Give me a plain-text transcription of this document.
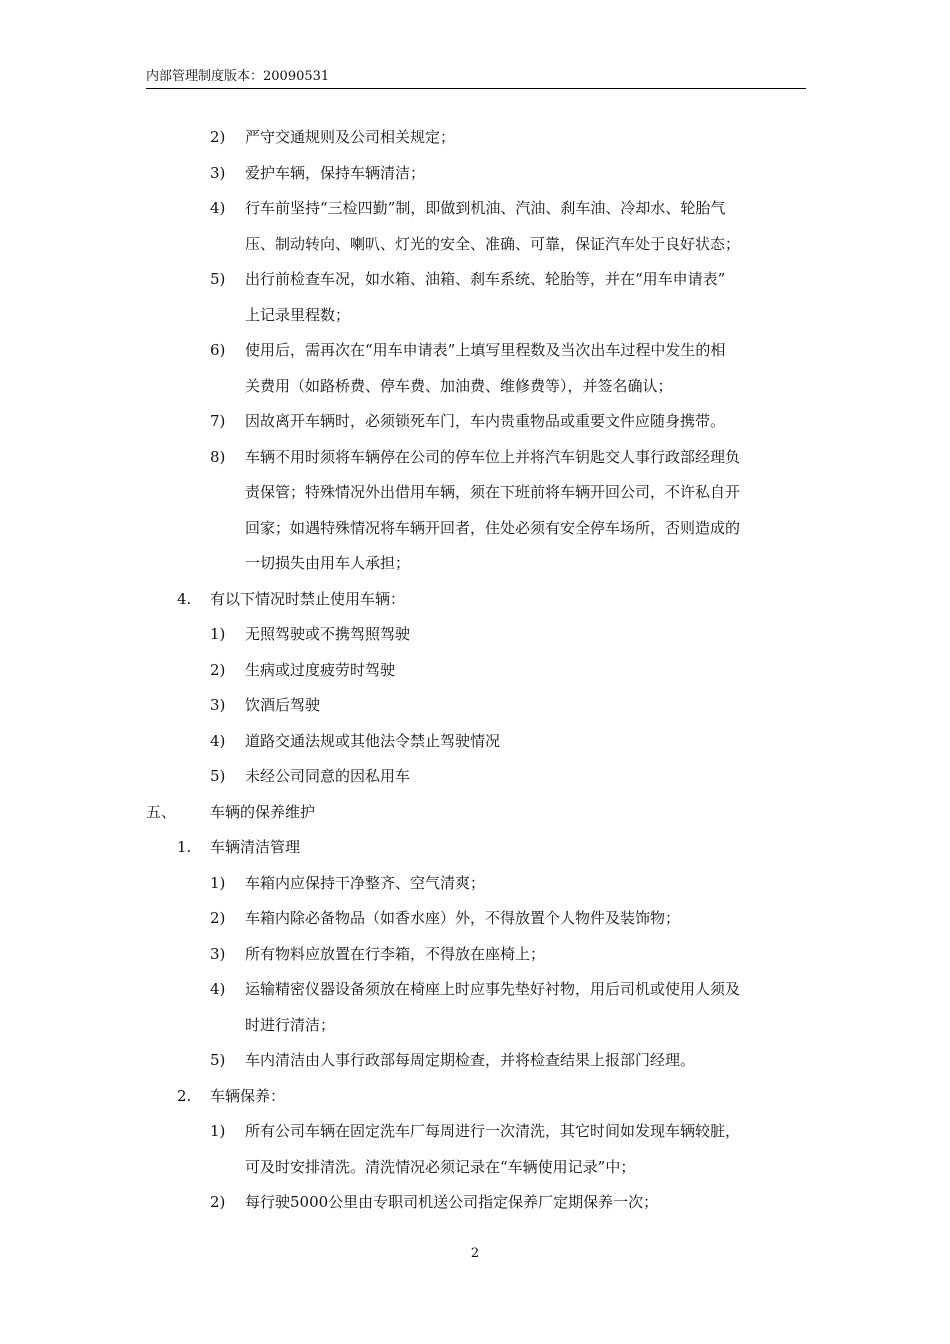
内部管理制度版本：20090531
2) 严守交通规则及公司相关规定；
3) 爱护车辆，保持车辆清洁；
4) 行车前坚持“三检四勤”制，即做到机油、汽油、刹车油、冷却水、轮胎气
压、制动转向、喇叭、灯光的安全、准确、可靠，保证汽车处于良好状态；
5) 出行前检查车况，如水箱、油箱、刹车系统、轮胎等，并在“用车申请表”
上记录里程数；
6) 使用后，需再次在“用车申请表”上填写里程数及当次出车过程中发生的相
关费用（如路桥费、停车费、加油费、维修费等），并签名确认；
7) 因故离开车辆时，必须锁死车门，车内贵重物品或重要文件应随身携带。
8) 车辆不用时须将车辆停在公司的停车位上并将汽车钥匙交人事行政部经理负
责保管；特殊情况外出借用车辆，须在下班前将车辆开回公司，不许私自开
回家；如遇特殊情况将车辆开回者，住处必须有安全停车场所，否则造成的
一切损失由用车人承担；
4. 有以下情况时禁止使用车辆：
1) 无照驾驶或不携驾照驾驶
2) 生病或过度疲劳时驾驶
3) 饮酒后驾驶
4) 道路交通法规或其他法令禁止驾驶情况
5) 未经公司同意的因私用车
五、 车辆的保养维护
1. 车辆清洁管理
1) 车箱内应保持干净整齐、空气清爽；
2) 车箱内除必备物品（如香水座）外，不得放置个人物件及装饰物；
3) 所有物料应放置在行李箱，不得放在座椅上；
4) 运输精密仪器设备须放在椅座上时应事先垫好衬物，用后司机或使用人须及
时进行清洁；
5) 车内清洁由人事行政部每周定期检查，并将检查结果上报部门经理。
2. 车辆保养：
1) 所有公司车辆在固定洗车厂每周进行一次清洗，其它时间如发现车辆较脏，
可及时安排清洗。清洗情况必须记录在“车辆使用记录”中；
2) 每行驶5000公里由专职司机送公司指定保养厂定期保养一次；
2
